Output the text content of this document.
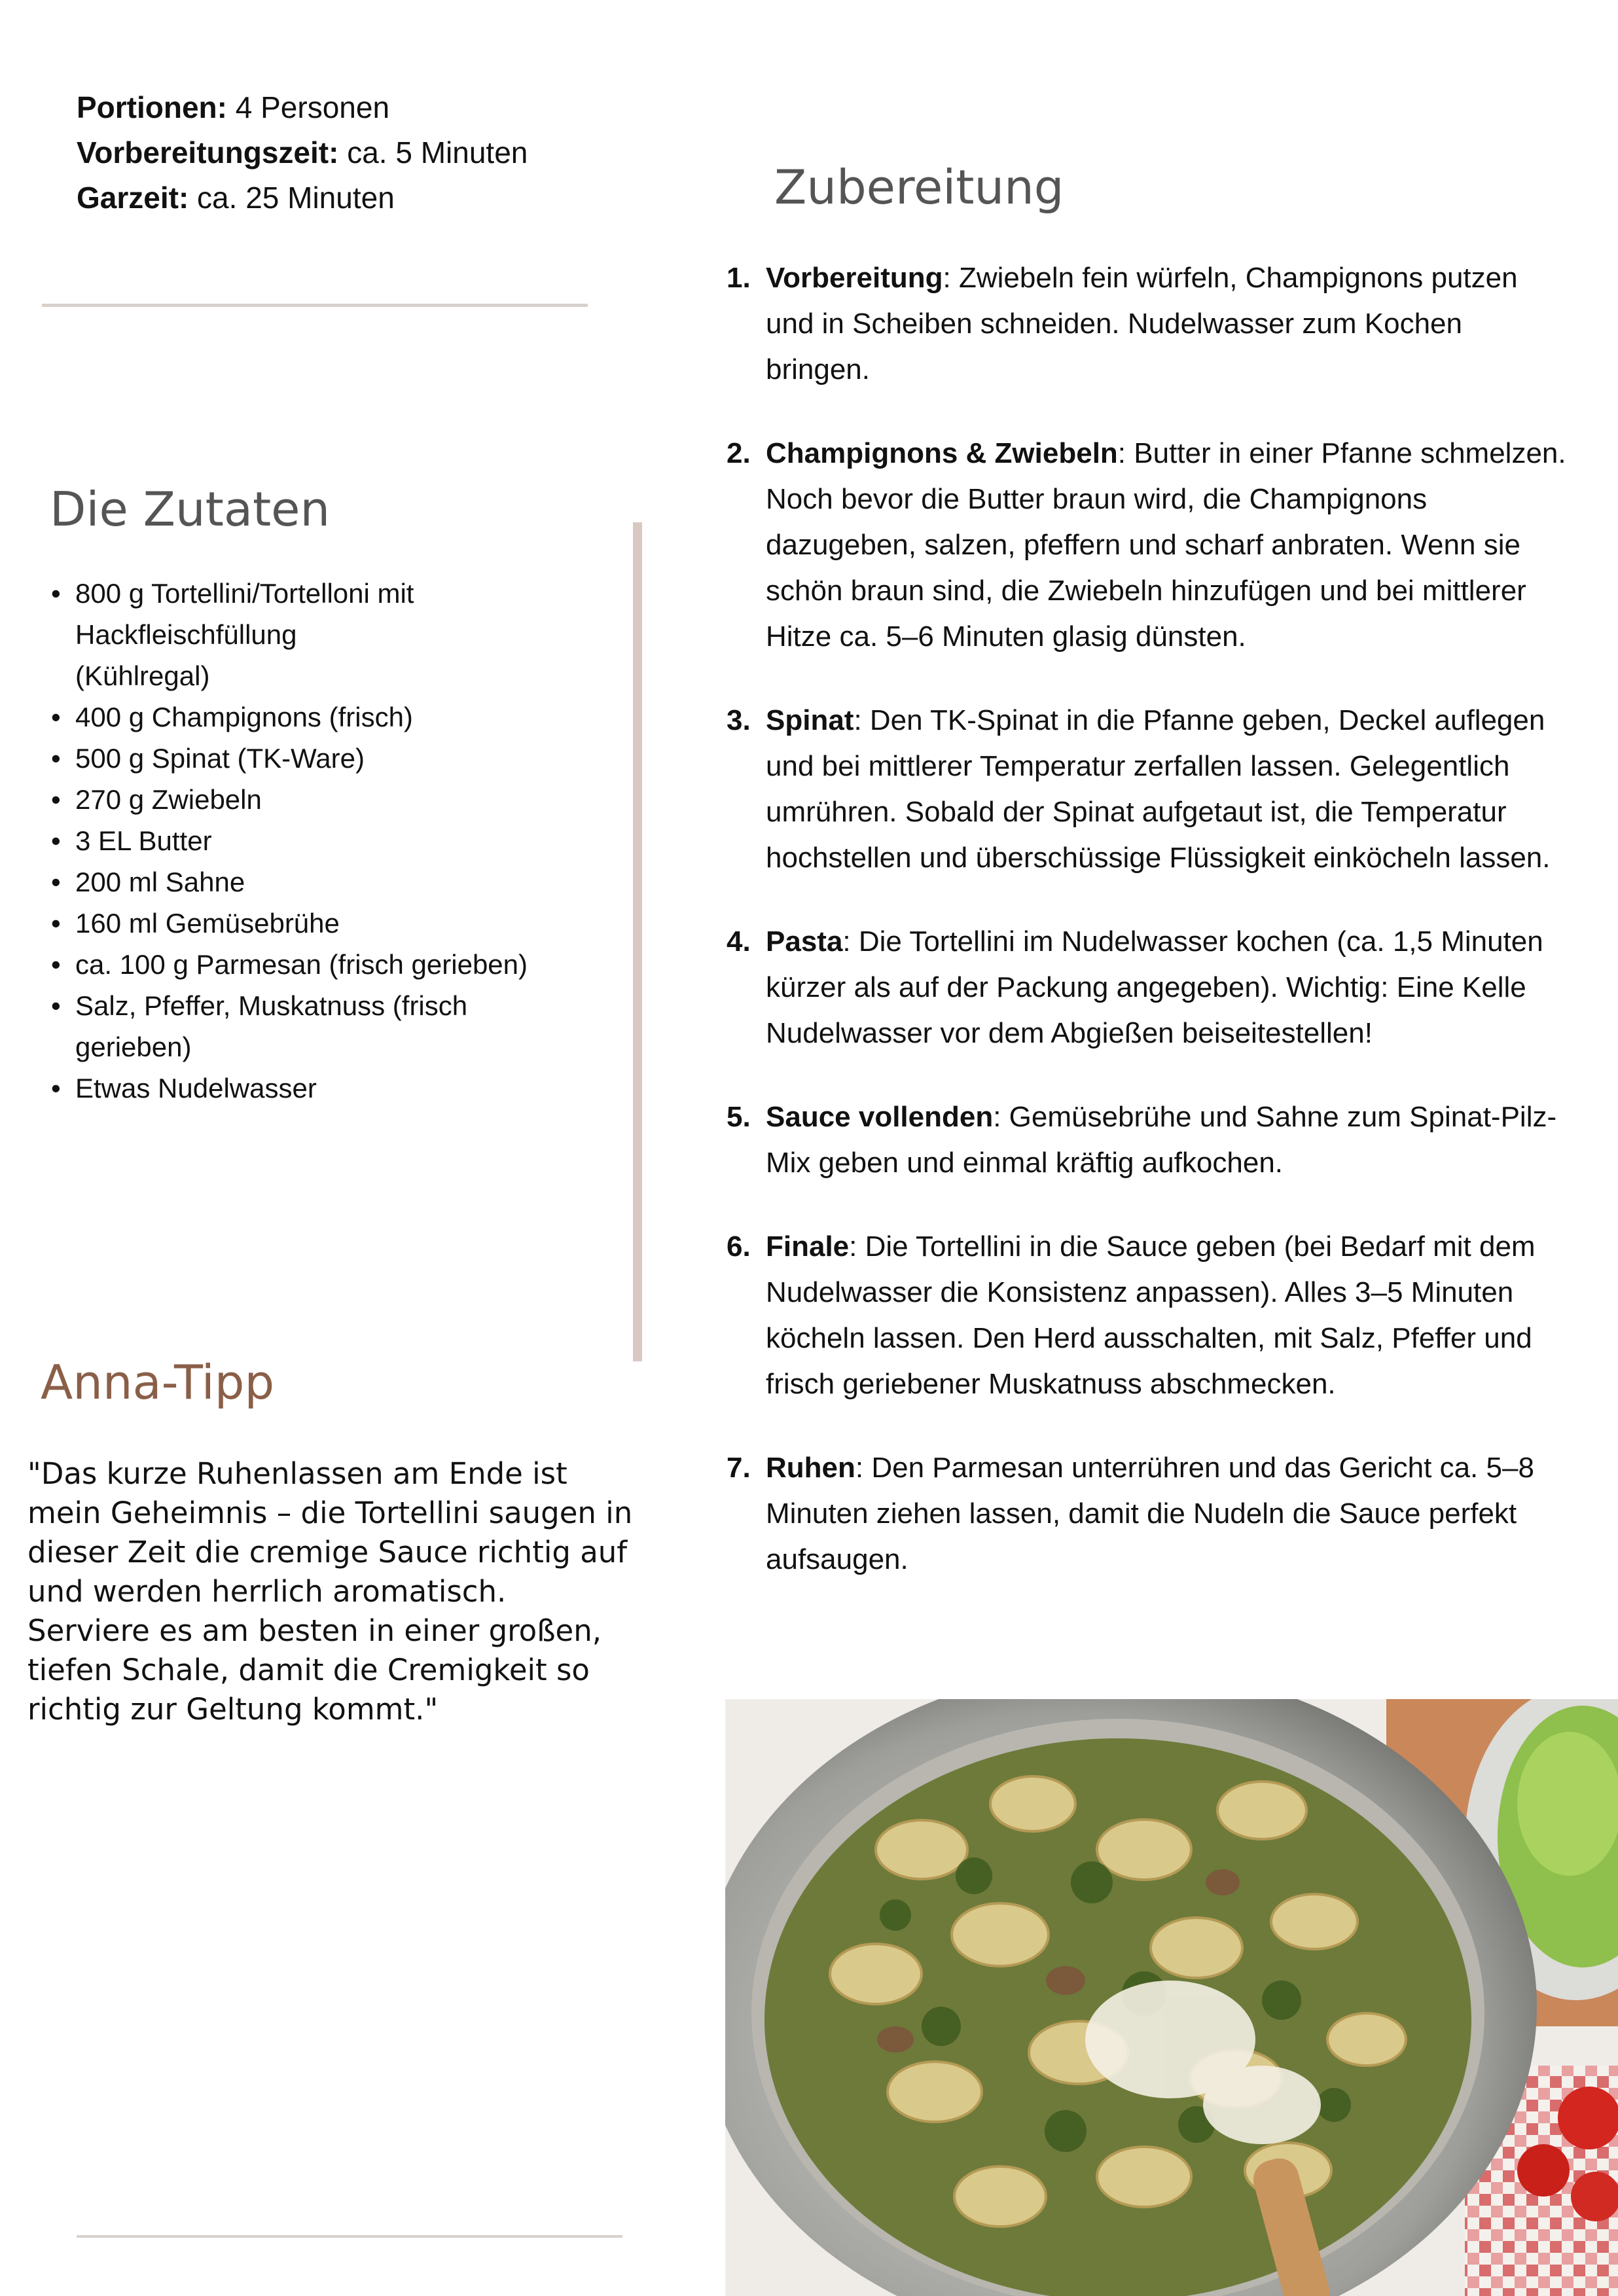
Portionen: 4 Personen
Vorbereitungszeit: ca. 5 Minuten
Garzeit: ca. 25 Minuten
Die Zutaten
• 800 g Tortellini/Tortelloni mit Hackfleischfüllung (Kühlregal)
• 400 g Champignons (frisch)
• 500 g Spinat (TK-Ware)
• 270 g Zwiebeln
• 3 EL Butter
• 200 ml Sahne
• 160 ml Gemüsebrühe
• ca. 100 g Parmesan (frisch gerieben)
• Salz, Pfeffer, Muskatnuss (frisch gerieben)
• Etwas Nudelwasser
Anna-Tipp

"Das kurze Ruhenlassen am Ende ist mein Geheimnis – die Tortellini saugen in dieser Zeit die cremige Sauce richtig auf und werden herrlich aromatisch. Serviere es am besten in einer großen, tiefen Schale, damit die Cremigkeit so richtig zur Geltung kommt."

Zubereitung
1. Vorbereitung: Zwiebeln fein würfeln, Champignons putzen und in Scheiben schneiden. Nudelwasser zum Kochen bringen.
2. Champignons & Zwiebeln: Butter in einer Pfanne schmelzen. Noch bevor die Butter braun wird, die Champignons dazugeben, salzen, pfeffern und scharf anbraten. Wenn sie schön braun sind, die Zwiebeln hinzufügen und bei mittlerer Hitze ca. 5–6 Minuten glasig dünsten.
3. Spinat: Den TK-Spinat in die Pfanne geben, Deckel auflegen und bei mittlerer Temperatur zerfallen lassen. Gelegentlich umrühren. Sobald der Spinat aufgetaut ist, die Temperatur hochstellen und überschüssige Flüssigkeit einköcheln lassen.
4. Pasta: Die Tortellini im Nudelwasser kochen (ca. 1,5 Minuten kürzer als auf der Packung angegeben). Wichtig: Eine Kelle Nudelwasser vor dem Abgießen beiseitestellen!
5. Sauce vollenden: Gemüsebrühe und Sahne zum Spinat-Pilz-Mix geben und einmal kräftig aufkochen.
6. Finale: Die Tortellini in die Sauce geben (bei Bedarf mit dem Nudelwasser die Konsistenz anpassen). Alles 3–5 Minuten köcheln lassen. Den Herd ausschalten, mit Salz, Pfeffer und frisch geriebener Muskatnuss abschmecken.
7. Ruhen: Den Parmesan unterrühren und das Gericht ca. 5–8 Minuten ziehen lassen, damit die Nudeln die Sauce perfekt aufsaugen.
